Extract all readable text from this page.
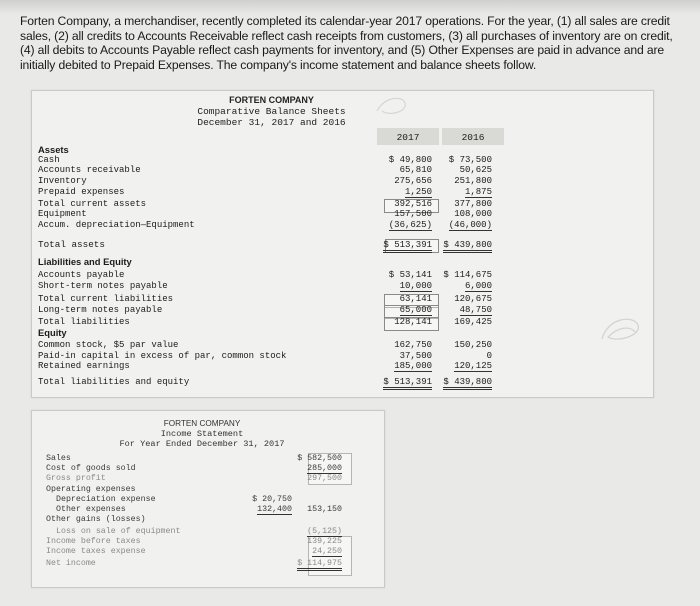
Forten Company, a merchandiser, recently completed its calendar-year 2017 operations. For the year, (1) all sales are credit sales, (2) all credits to Accounts Receivable reflect cash receipts from customers, (3) all purchases of inventory are on credit, (4) all debits to Accounts Payable reflect cash payments for inventory, and (5) Other Expenses are paid in advance and are initially debited to Prepaid Expenses. The company's income statement and balance sheets follow.
FORTEN COMPANY
Comparative Balance Sheets
December 31, 2017 and 2016
2017	2016
Assets
Cash	$ 49,800 $ 73,500
Accounts receivable	65,810	50,625
Inventory	275,656 251,800
Prepaid expenses	1,250	1,875
Total current assets	392,516 377,800
Equipment	157,500 108,000
Accum. depreciation—Equipment	(36,625) (46,000)
Total assets	$ 513,391 $ 439,800
Liabilities and Equity
Accounts payable	$ 53,141 $ 114,675
Short-term notes payable	10,000	6,000
Total current liabilities	63,141 120,675
Long-term notes payable	65,000	48,750
Total liabilities	128,141 169,425
Equity
Common stock, $5 par value	162,750 150,250
Paid-in capital in excess of par, common stock	37,500	0
Retained earnings	185,000 120,125
Total liabilities and equity	$ 513,391 $ 439,800
FORTEN COMPANY
Income Statement
For Year Ended December 31, 2017
Sales	$ 582,500
Cost of goods sold	285,000
Gross profit	297,500
Operating expenses
Depreciation expense	$ 20,750
Other expenses	132,400 153,150
Other gains (losses)
Loss on sale of equipment	(5,125)
Income before taxes	139,225
Income taxes expense	24,250
Net income	$ 114,975
